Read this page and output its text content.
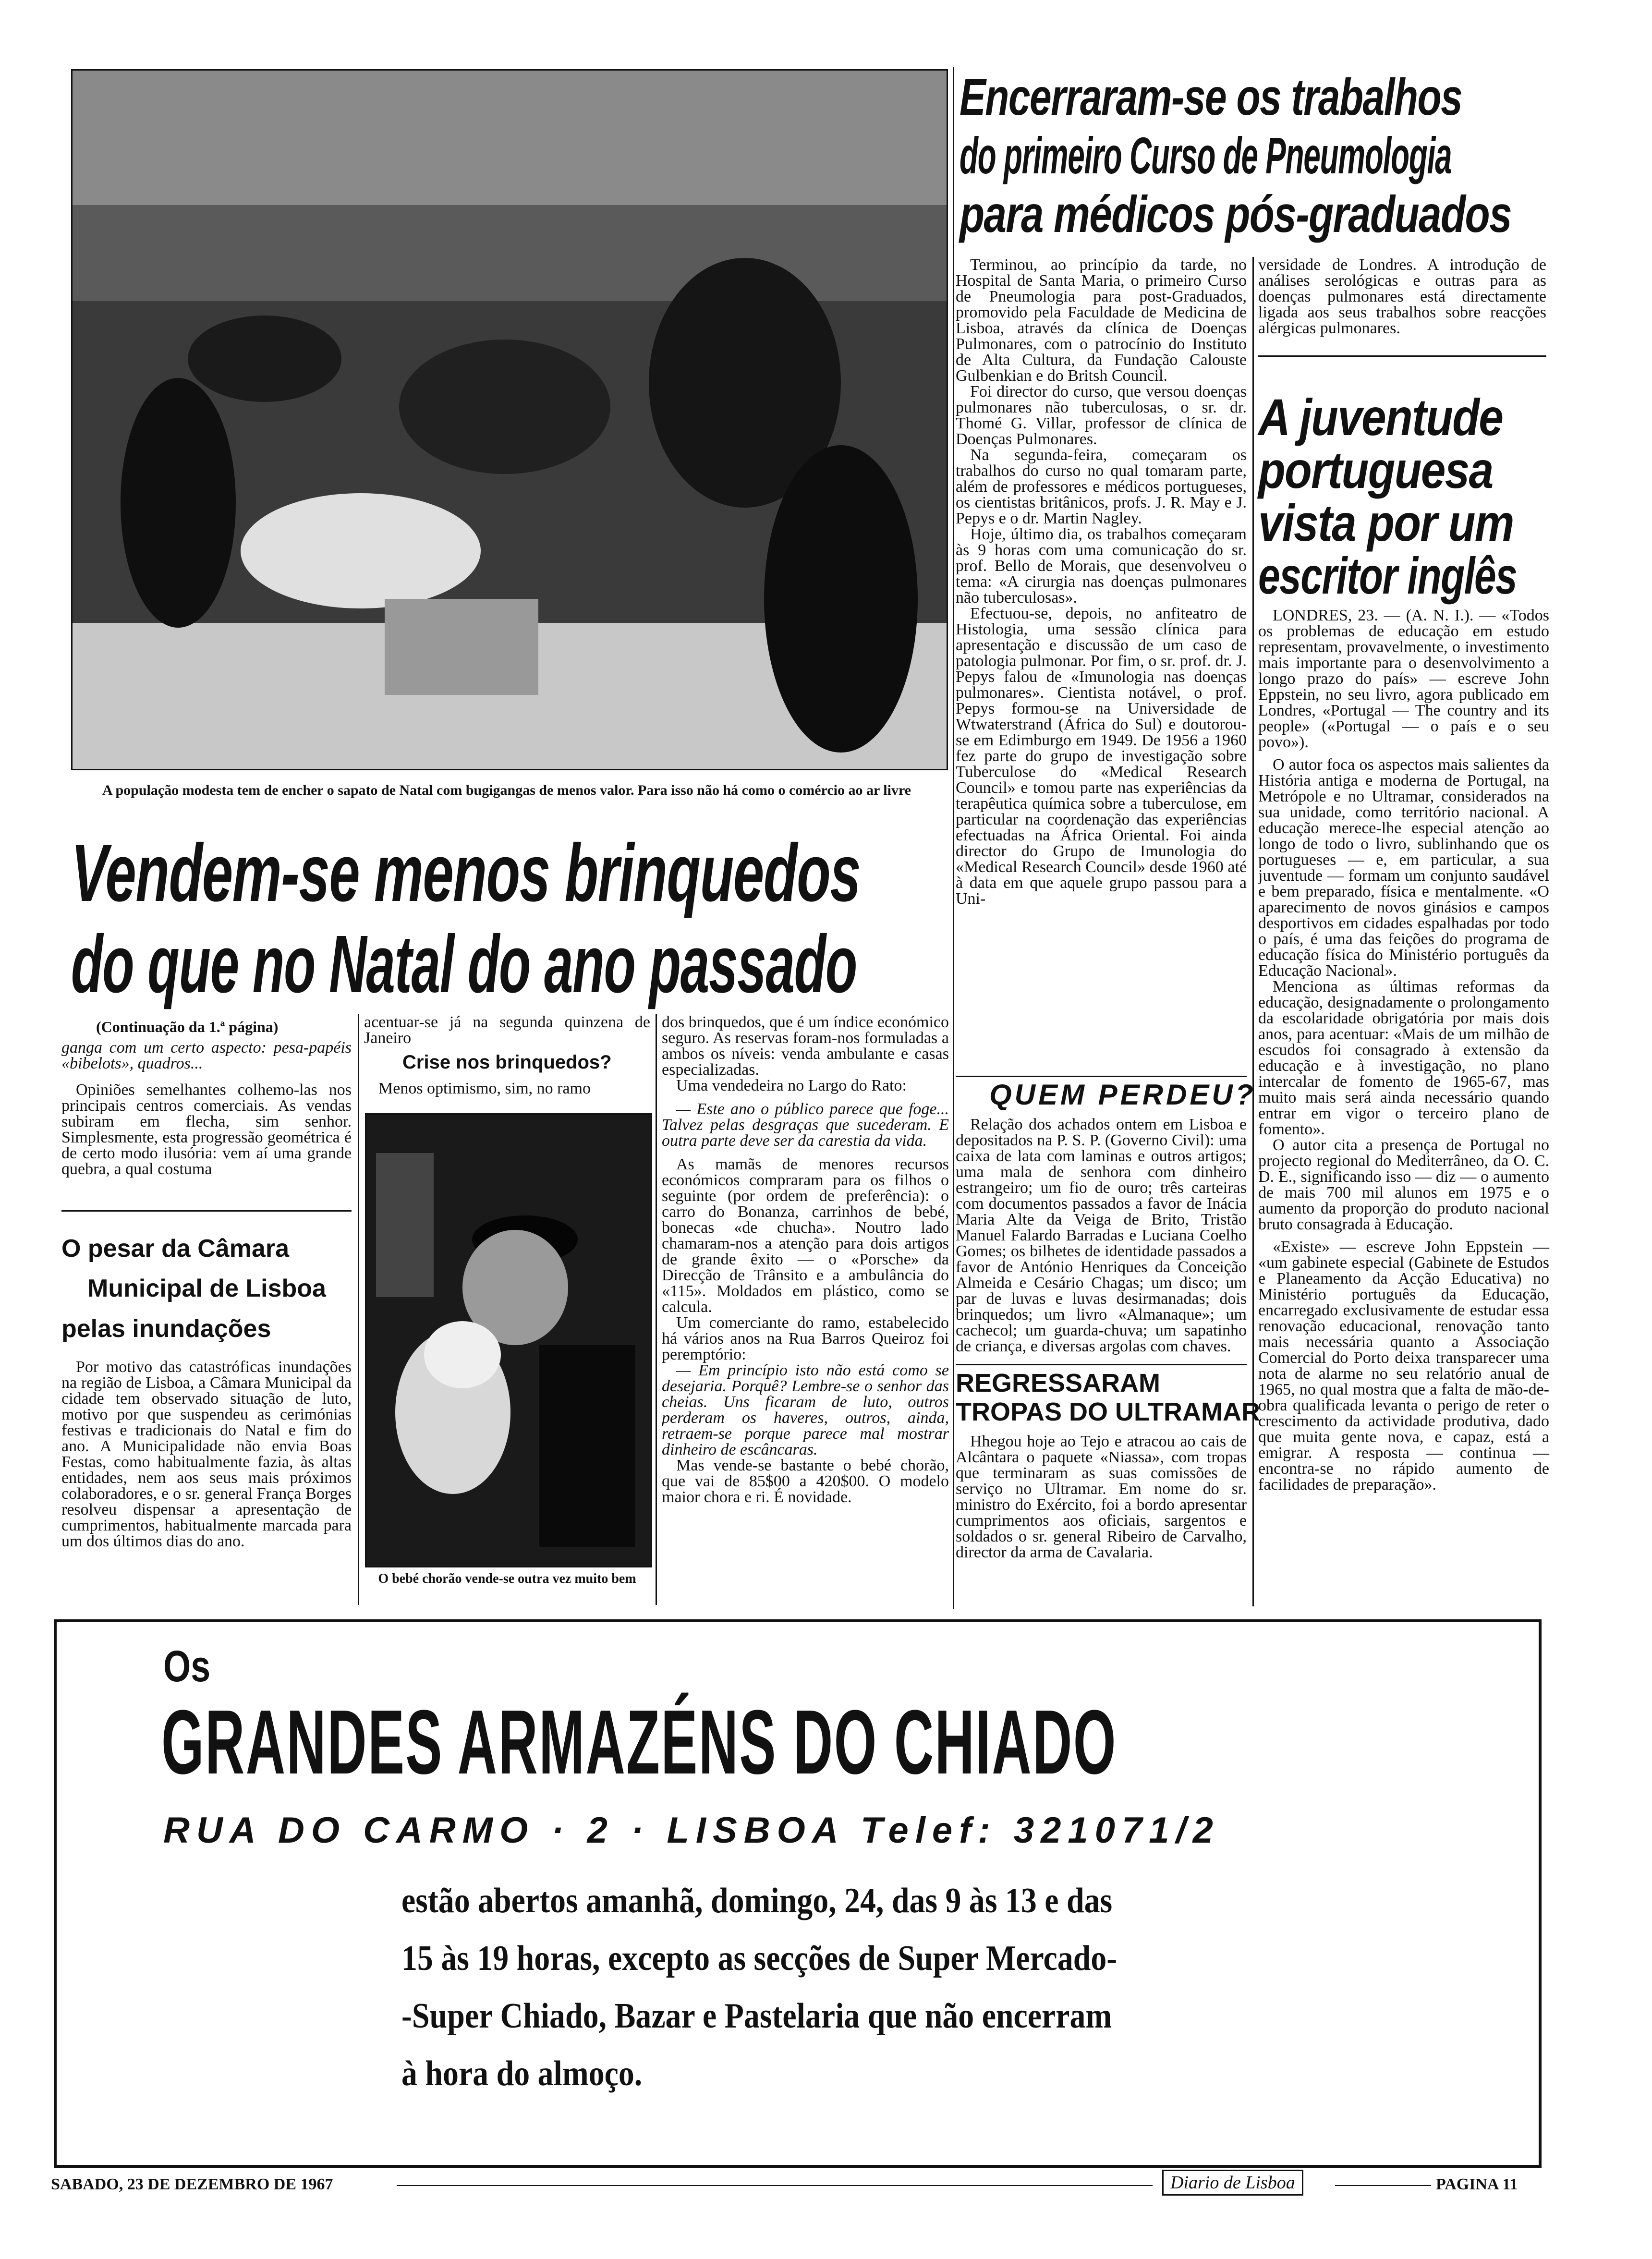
A população modesta tem de encher o sapato de Natal com bugigangas de menos valor. Para isso não há como o comércio ao ar livre
Vendem-se menos brinquedos
do que no Natal do ano passado
(Continuação da 1.ª página)

ganga com um certo aspecto: pesa-papéis «bibelots», quadros...

Opiniões semelhantes colhemo-las nos principais centros comerciais. As vendas subiram em flecha, sim senhor. Simplesmente, esta progressão geométrica é de certo modo ilusória: vem aí uma grande quebra, a qual costuma

O pesar da Câmara
Municipal de Lisboa
pelas inundações

Por motivo das catastróficas inundações na região de Lisboa, a Câmara Municipal da cidade tem observado situação de luto, motivo por que suspendeu as cerimónias festivas e tradicionais do Natal e fim do ano. A Municipalidade não envia Boas Festas, como habitualmente fazia, às altas entidades, nem aos seus mais próximos colaboradores, e o sr. general França Borges resolveu dispensar a apresentação de cumprimentos, habitualmente marcada para um dos últimos dias do ano.

acentuar-se já na segunda quinzena de Janeiro

Crise nos brinquedos?

Menos optimismo, sim, no ramo

O bebé chorão vende-se outra vez muito bem

dos brinquedos, que é um índice económico seguro. As reservas foram-nos formuladas a ambos os níveis: venda ambulante e casas especializadas.

Uma vendedeira no Largo do Rato:

— Este ano o público parece que foge... Talvez pelas desgraças que sucederam. E outra parte deve ser da carestia da vida.

As mamãs de menores recursos económicos compraram para os filhos o seguinte (por ordem de preferência): o carro do Bonanza, carrinhos de bebé, bonecas «de chucha». Noutro lado chamaram-nos a atenção para dois artigos de grande êxito — o «Porsche» da Direcção de Trânsito e a ambulância do «115». Moldados em plástico, como se calcula.

Um comerciante do ramo, estabelecido há vários anos na Rua Barros Queiroz foi peremptório:

— Em princípio isto não está como se desejaria. Porquê? Lembre-se o senhor das cheias. Uns ficaram de luto, outros perderam os haveres, outros, ainda, retraem-se porque parece mal mostrar dinheiro de escâncaras.

Mas vende-se bastante o bebé chorão, que vai de 85$00 a 420$00. O modelo maior chora e ri. É novidade.

Encerraram-se os trabalhos
do primeiro Curso de Pneumologia
para médicos pós-graduados

Terminou, ao princípio da tarde, no Hospital de Santa Maria, o primeiro Curso de Pneumologia para post-Graduados, promovido pela Faculdade de Medicina de Lisboa, através da clínica de Doenças Pulmonares, com o patrocínio do Instituto de Alta Cultura, da Fundação Calouste Gulbenkian e do Britsh Council.

Foi director do curso, que versou doenças pulmonares não tuberculosas, o sr. dr. Thomé G. Villar, professor de clínica de Doenças Pulmonares.

Na segunda-feira, começaram os trabalhos do curso no qual tomaram parte, além de professores e médicos portugueses, os cientistas britânicos, profs. J. R. May e J. Pepys e o dr. Martin Nagley.

Hoje, último dia, os trabalhos começaram às 9 horas com uma comunicação do sr. prof. Bello de Morais, que desenvolveu o tema: «A cirurgia nas doenças pulmonares não tuberculosas».

Efectuou-se, depois, no anfiteatro de Histologia, uma sessão clínica para apresentação e discussão de um caso de patologia pulmonar. Por fim, o sr. prof. dr. J. Pepys falou de «Imunologia nas doenças pulmonares». Cientista notável, o prof. Pepys formou-se na Universidade de Wtwaterstrand (África do Sul) e doutorou-se em Edimburgo em 1949. De 1956 a 1960 fez parte do grupo de investigação sobre Tuberculose do «Medical Research Council» e tomou parte nas experiências da terapêutica química sobre a tuberculose, em particular na coordenação das experiências efectuadas na África Oriental. Foi ainda director do Grupo de Imunologia do «Medical Research Council» desde 1960 até à data em que aquele grupo passou para a Uni-

versidade de Londres. A introdução de análises serológicas e outras para as doenças pulmonares está directamente ligada aos seus trabalhos sobre reacções alérgicas pulmonares.

QUEM PERDEU?

Relação dos achados ontem em Lisboa e depositados na P. S. P. (Governo Civil): uma caixa de lata com laminas e outros artigos; uma mala de senhora com dinheiro estrangeiro; um fio de ouro; três carteiras com documentos passados a favor de Inácia Maria Alte da Veiga de Brito, Tristão Manuel Falardo Barradas e Luciana Coelho Gomes; os bilhetes de identidade passados a favor de António Henriques da Conceição Almeida e Cesário Chagas; um disco; um par de luvas e luvas desirmanadas; dois brinquedos; um livro «Almanaque»; um cachecol; um guarda-chuva; um sapatinho de criança, e diversas argolas com chaves.

REGRESSARAM
TROPAS DO ULTRAMAR

Hhegou hoje ao Tejo e atracou ao cais de Alcântara o paquete «Niassa», com tropas que terminaram as suas comissões de serviço no Ultramar. Em nome do sr. ministro do Exército, foi a bordo apresentar cumprimentos aos oficiais, sargentos e soldados o sr. general Ribeiro de Carvalho, director da arma de Cavalaria.

A juventude
portuguesa
vista por um
escritor inglês

LONDRES, 23. — (A. N. I.). — «Todos os problemas de educação em estudo representam, provavelmente, o investimento mais importante para o desenvolvimento a longo prazo do país» — escreve John Eppstein, no seu livro, agora publicado em Londres, «Portugal — The country and its people» («Portugal — o país e o seu povo»).

O autor foca os aspectos mais salientes da História antiga e moderna de Portugal, na Metrópole e no Ultramar, considerados na sua unidade, como território nacional. A educação merece-lhe especial atenção ao longo de todo o livro, sublinhando que os portugueses — e, em particular, a sua juventude — formam um conjunto saudável e bem preparado, física e mentalmente. «O aparecimento de novos ginásios e campos desportivos em cidades espalhadas por todo o país, é uma das feições do programa de educação física do Ministério português da Educação Nacional».

Menciona as últimas reformas da educação, designadamente o prolongamento da escolaridade obrigatória por mais dois anos, para acentuar: «Mais de um milhão de escudos foi consagrado à extensão da educação e à investigação, no plano intercalar de fomento de 1965-67, mas muito mais será ainda necessário quando entrar em vigor o terceiro plano de fomento».

O autor cita a presença de Portugal no projecto regional do Mediterrâneo, da O. C. D. E., significando isso — diz — o aumento de mais 700 mil alunos em 1975 e o aumento da proporção do produto nacional bruto consagrada à Educação.

«Existe» — escreve John Eppstein — «um gabinete especial (Gabinete de Estudos e Planeamento da Acção Educativa) no Ministério português da Educação, encarregado exclusivamente de estudar essa renovação educacional, renovação tanto mais necessária quanto a Associação Comercial do Porto deixa transparecer uma nota de alarme no seu relatório anual de 1965, no qual mostra que a falta de mão-de-obra qualificada levanta o perigo de reter o crescimento da actividade produtiva, dado que muita gente nova, e capaz, está a emigrar. A resposta — continua — encontra-se no rápido aumento de facilidades de preparação».

Os
GRANDES ARMAZÉNS DO CHIADO
RUA DO CARMO · 2 · LISBOA Telef: 321071/2
estão abertos amanhã, domingo, 24, das 9 às 13 e das
15 às 19 horas, excepto as secções de Super Mercado-
-Super Chiado, Bazar e Pastelaria que não encerram
à hora do almoço.
SABADO, 23 DE DEZEMBRO DE 1967	Diario de Lisboa	PAGINA 11
